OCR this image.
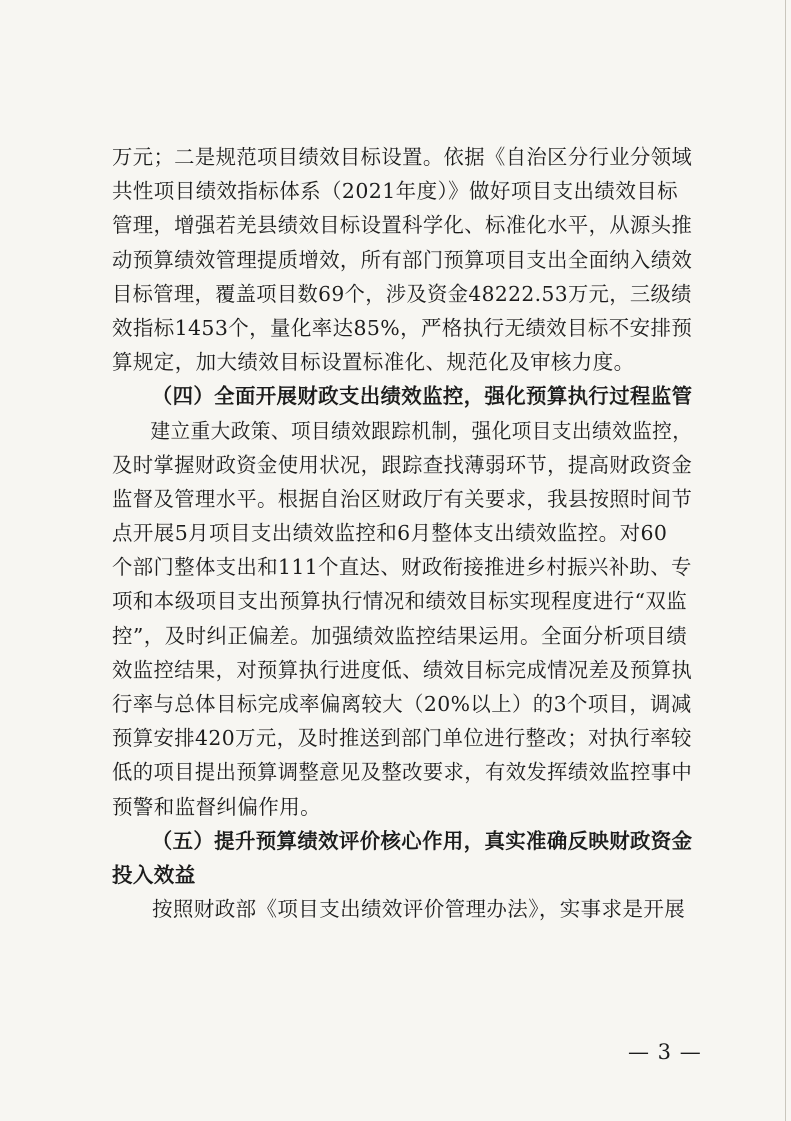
万元；二是规范项目绩效目标设置。依据《自治区分行业分领域
共性项目绩效指标体系（2021年度）》做好项目支出绩效目标
管理，增强若羌县绩效目标设置科学化、标准化水平，从源头推
动预算绩效管理提质增效，所有部门预算项目支出全面纳入绩效
目标管理，覆盖项目数69个，涉及资金48222.53万元，三级绩
效指标1453个，量化率达85%，严格执行无绩效目标不安排预
算规定，加大绩效目标设置标准化、规范化及审核力度。
（四）全面开展财政支出绩效监控，强化预算执行过程监管
建立重大政策、项目绩效跟踪机制，强化项目支出绩效监控，
及时掌握财政资金使用状况，跟踪查找薄弱环节，提高财政资金
监督及管理水平。根据自治区财政厅有关要求，我县按照时间节
点开展5月项目支出绩效监控和6月整体支出绩效监控。对60
个部门整体支出和111个直达、财政衔接推进乡村振兴补助、专
项和本级项目支出预算执行情况和绩效目标实现程度进行“双监
控”，及时纠正偏差。加强绩效监控结果运用。全面分析项目绩
效监控结果，对预算执行进度低、绩效目标完成情况差及预算执
行率与总体目标完成率偏离较大（20%以上）的3个项目，调减
预算安排420万元，及时推送到部门单位进行整改；对执行率较
低的项目提出预算调整意见及整改要求，有效发挥绩效监控事中
预警和监督纠偏作用。
（五）提升预算绩效评价核心作用，真实准确反映财政资金
投入效益
按照财政部《项目支出绩效评价管理办法》，实事求是开展
— 3 —
